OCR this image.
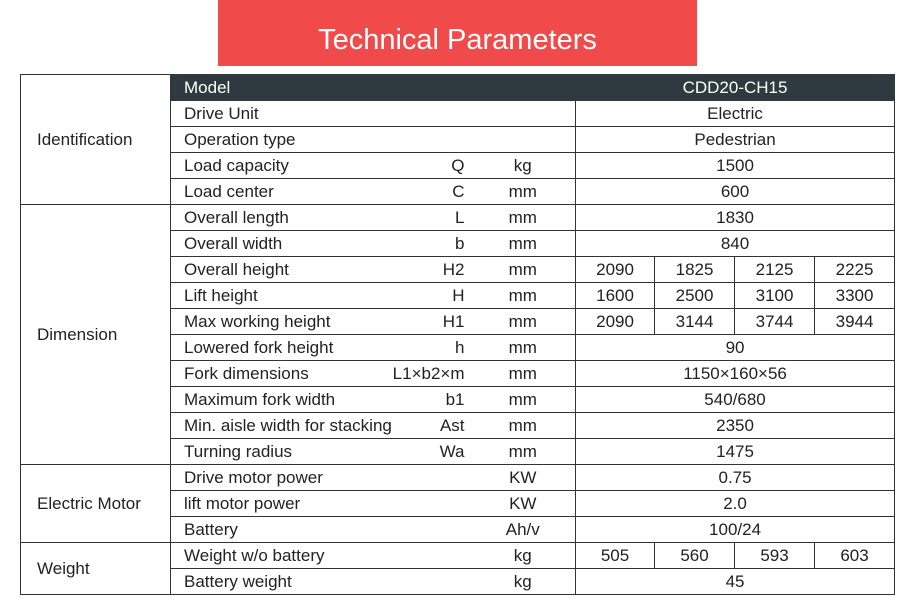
Technical Parameters
Identification	Model			CDD20-CH15			
	Drive Unit			Electric			
	Operation type			Pedestrian			
	Load capacity	Q	kg	1500			
	Load center	C	mm	600			
Dimension	Overall length	L	mm	1830			
	Overall width	b	mm	840			
	Overall height	H2	mm	2090	1825	2125	2225
	Lift height	H	mm	1600	2500	3100	3300
	Max working height	H1	mm	2090	3144	3744	3944
	Lowered fork height	h	mm	90			
	Fork dimensions	L1×b2×m	mm	1150×160×56			
	Maximum fork width	b1	mm	540/680			
	Min. aisle width for stacking	Ast	mm	2350			
	Turning radius	Wa	mm	1475			
Electric Motor	Drive motor power		KW	0.75			
	lift motor power		KW	2.0			
	Battery		Ah/v	100/24			
Weight	Weight w/o battery		kg	505	560	593	603
	Battery weight		kg	45			
